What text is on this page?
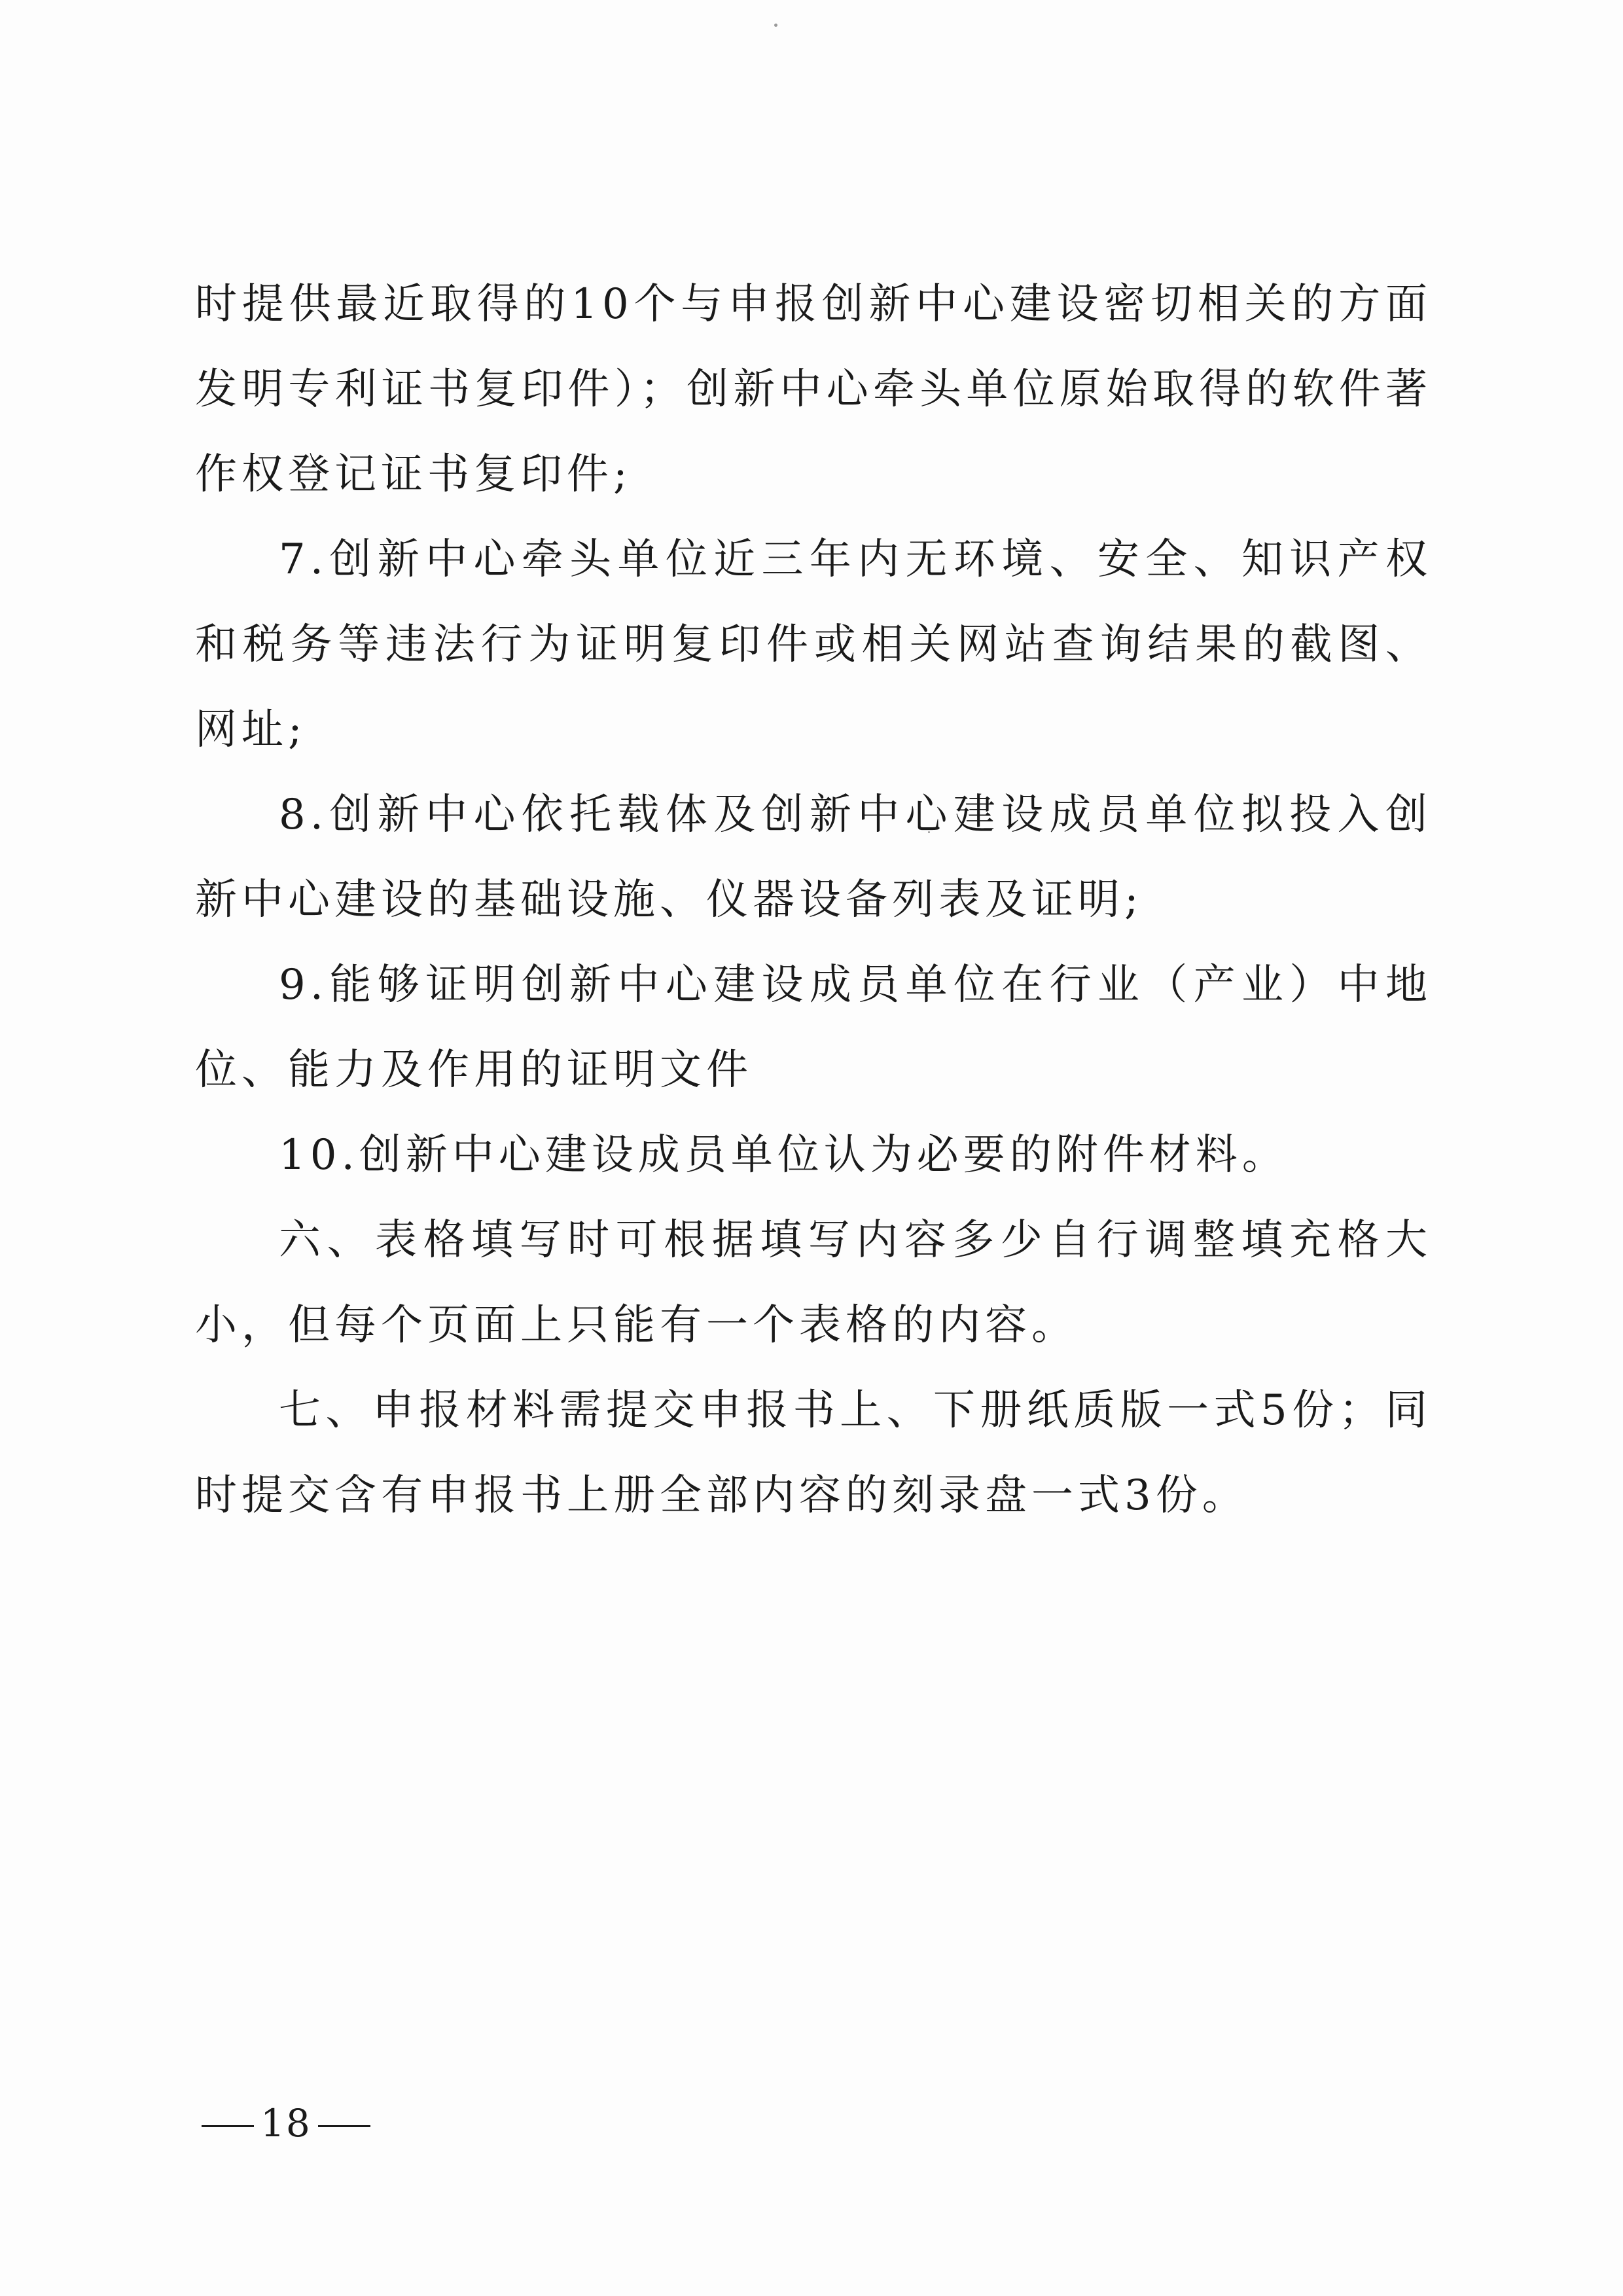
时提供最近取得的10个与申报创新中心建设密切相关的方面发明专利证书复印件）；创新中心牵头单位原始取得的软件著作权登记证书复印件;

7.创新中心牵头单位近三年内无环境、安全、知识产权和税务等违法行为证明复印件或相关网站查询结果的截图、网址;

8.创新中心依托载体及创新中心建设成员单位拟投入创新中心建设的基础设施、仪器设备列表及证明;

9.能够证明创新中心建设成员单位在行业（产业）中地位、能力及作用的证明文件

10.创新中心建设成员单位认为必要的附件材料。

六、表格填写时可根据填写内容多少自行调整填充格大小，但每个页面上只能有一个表格的内容。

七、申报材料需提交申报书上、下册纸质版一式5份；同时提交含有申报书上册全部内容的刻录盘一式3份。

18
